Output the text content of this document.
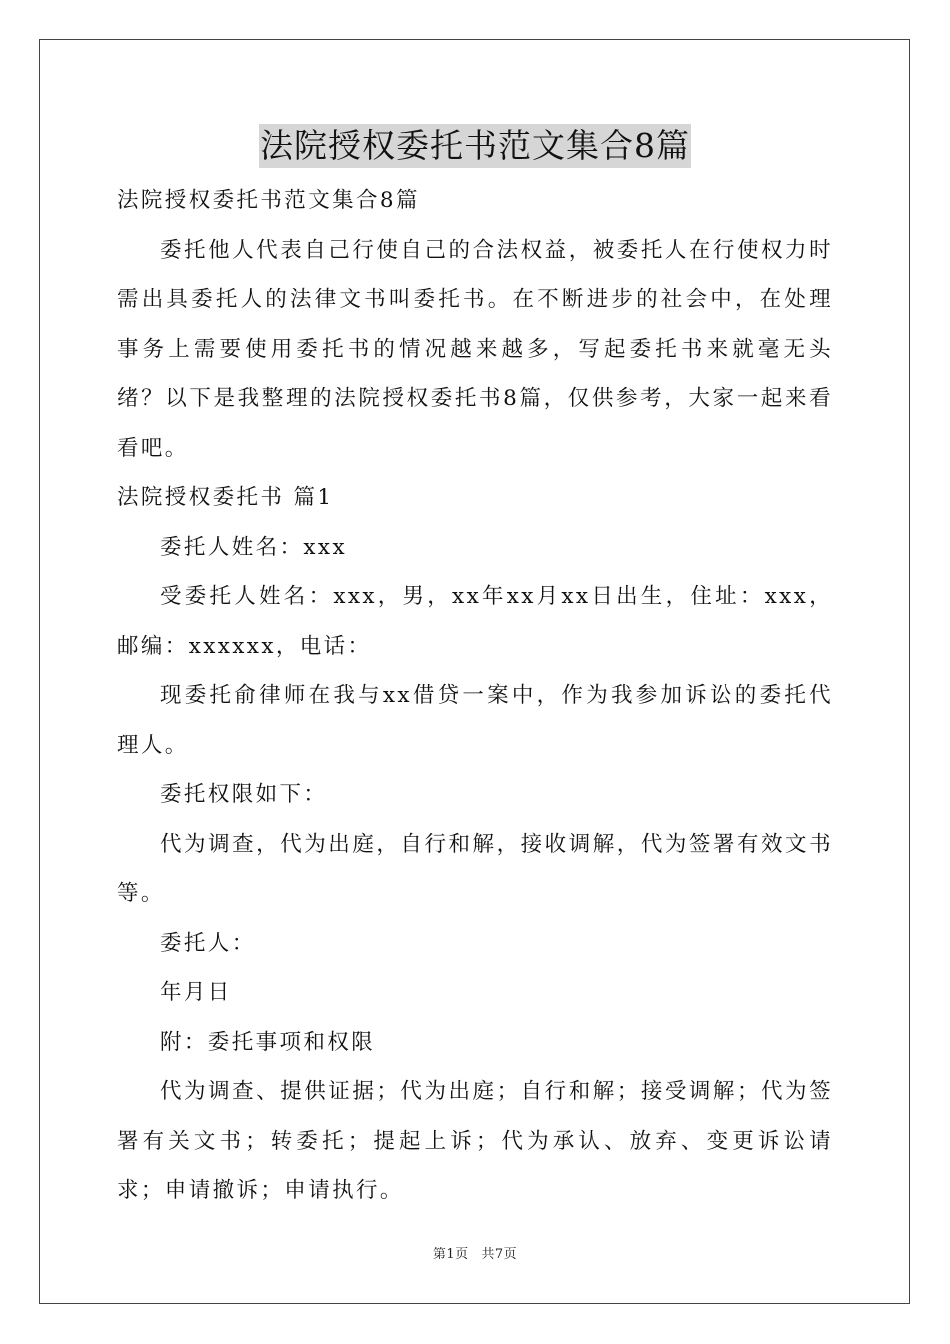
法院授权委托书范文集合8篇

法院授权委托书范文集合8篇

委托他人代表自己行使自己的合法权益，被委托人在行使权力时需出具委托人的法律文书叫委托书。在不断进步的社会中，在处理事务上需要使用委托书的情况越来越多，写起委托书来就毫无头绪？以下是我整理的法院授权委托书8篇，仅供参考，大家一起来看看吧。

法院授权委托书 篇1

委托人姓名：xxx

受委托人姓名：xxx，男，xx年xx月xx日出生，住址：xxx，邮编：xxxxxx，电话：

现委托俞律师在我与xx借贷一案中，作为我参加诉讼的委托代理人。

委托权限如下：

代为调查，代为出庭，自行和解，接收调解，代为签署有效文书等。

委托人：

年月日

附：委托事项和权限

代为调查、提供证据；代为出庭；自行和解；接受调解；代为签署有关文书；转委托；提起上诉；代为承认、放弃、变更诉讼请求；申请撤诉；申请执行。

第1页 共7页
